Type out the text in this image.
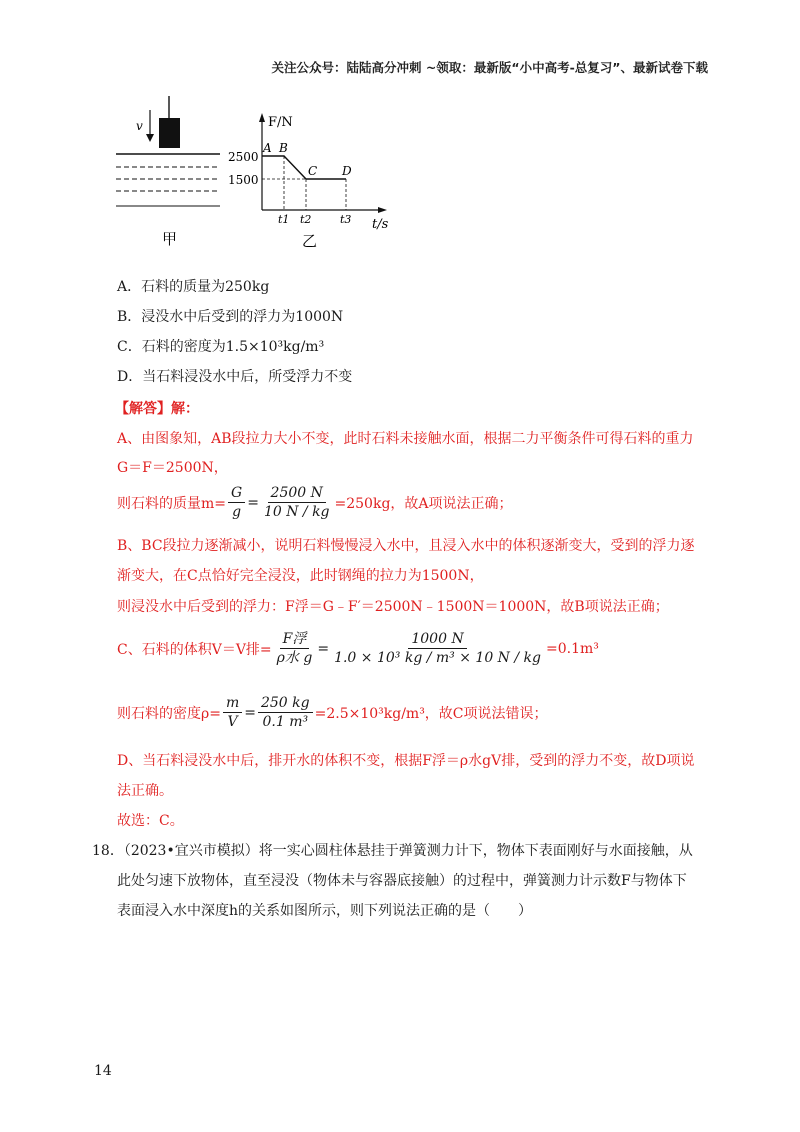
关注公众号：陆陆高分冲刺 ~领取：最新版“小中高考-总复习”、最新试卷下载
v
甲
F/N
t/s
2500
1500
A B
C D
t1 t2	t3
乙
A．石料的质量为250kg
B．浸没水中后受到的浮力为1000N
C．石料的密度为1.5×10³kg/m³
D．当石料浸没水中后，所受浮力不变
【解答】解：
A、由图象知，AB段拉力大小不变，此时石料未接触水面，根据二力平衡条件可得石料的重力
G＝F＝2500N，
则石料的质量$m= \frac{G}{g} = \frac{2500 N}{10 N / kg} =250kg$，故A项说法正确；
B、BC段拉力逐渐减小，说明石料慢慢浸入水中，且浸入水中的体积逐渐变大，受到的浮力逐
渐变大，在C点恰好完全浸没，此时钢绳的拉力为1500N，
则浸没水中后受到的浮力：F浮＝G﹣F′＝2500N﹣1500N＝1000N，故B项说法正确；
C、石料的体积V＝V排= $\frac{\text{F浮}}{\text{ρ水 g}} = \frac{1000 N}{\text{1.0 × 10³ kg / m³ × 10 N / kg}} =0.1m^3$
则石料的密度$\rho= \frac{m}{V} = \frac{250 kg}{\text{0.1 m³}} =2.5\times 10^3kg/m^3$，故C项说法错误；
D、当石料浸没水中后，排开水的体积不变，根据F浮＝ρ水gV排，受到的浮力不变，故D项说
法正确。
故选：C。
18．（2023•宜兴市模拟）将一实心圆柱体悬挂于弹簧测力计下，物体下表面刚好与水面接触，从
此处匀速下放物体，直至浸没（物体未与容器底接触）的过程中，弹簧测力计示数F与物体下
表面浸入水中深度h的关系如图所示，则下列说法正确的是（　　）
14
